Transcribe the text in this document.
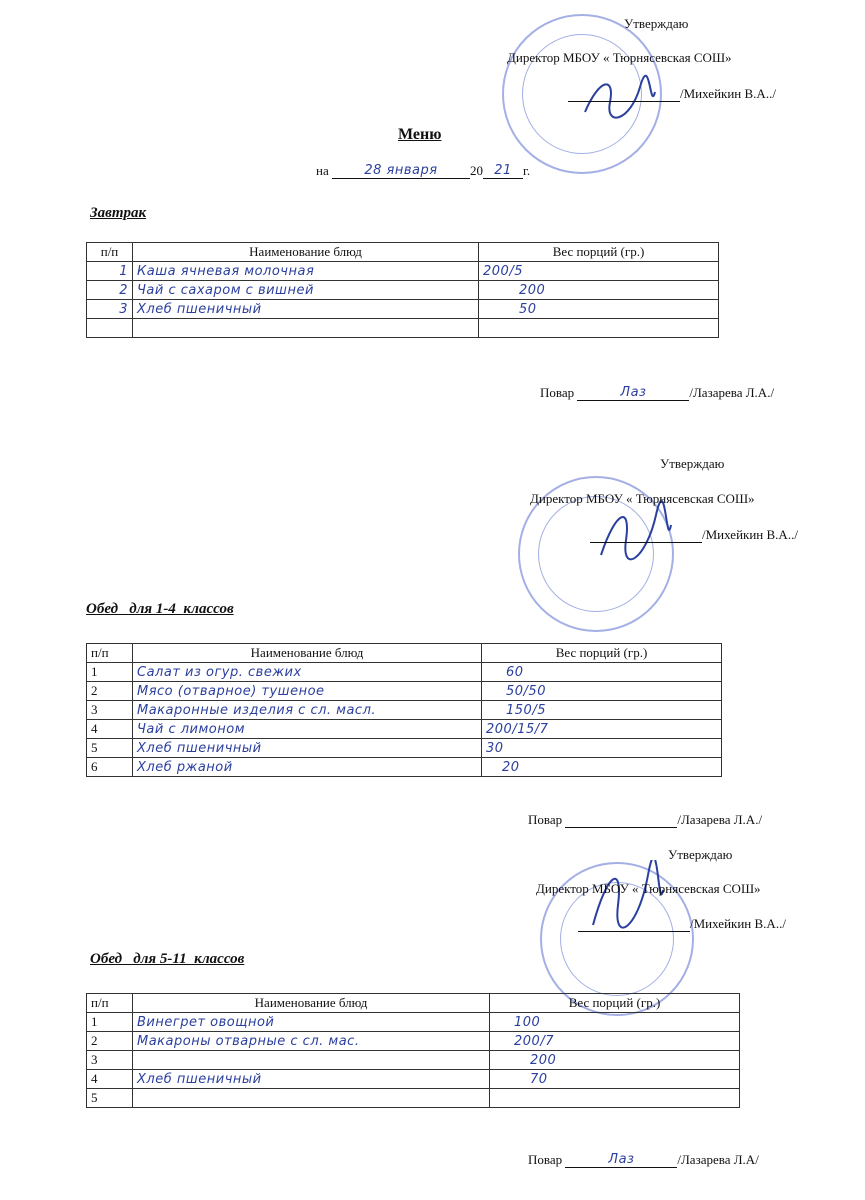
Утверждаю
Директор МБОУ « Тюрнясевская СОШ»
/Михейкин В.А../
Меню
на	28 января 20 21 г.
Завтрак
п/п	Наименование блюд	Вес порций (гр.)
1	Каша ячневая молочная	200/5
2	Чай с сахаром с вишней	200
3	Хлеб пшеничный	50

Повар	Лаз	/Лазарева Л.А./
Утверждаю
Директор МБОУ « Тюрнясевская СОШ»
/Михейкин В.А../
Обед   для 1-4  классов
п/п	Наименование блюд	Вес порций (гр.)
1	Салат из огур. свежих	60
2	Мясо (отварное) тушеное	50/50
3	Макаронные изделия с сл. масл.	150/5
4	Чай с лимоном	200/15/7
5	Хлеб пшеничный	30
6	Хлеб ржаной	20
Повар	/Лазарева Л.А./
Утверждаю
Директор МБОУ « Тюрнясевская СОШ»
/Михейкин В.А../
Обед   для 5-11  классов
п/п	Наименование блюд	Вес порций (гр.)
1	Винегрет овощной	100
2	Макароны отварные с сл. мас.	200/7
3		200
4	Хлеб пшеничный	70
5		
Повар	Лаз	/Лазарева Л.А/
